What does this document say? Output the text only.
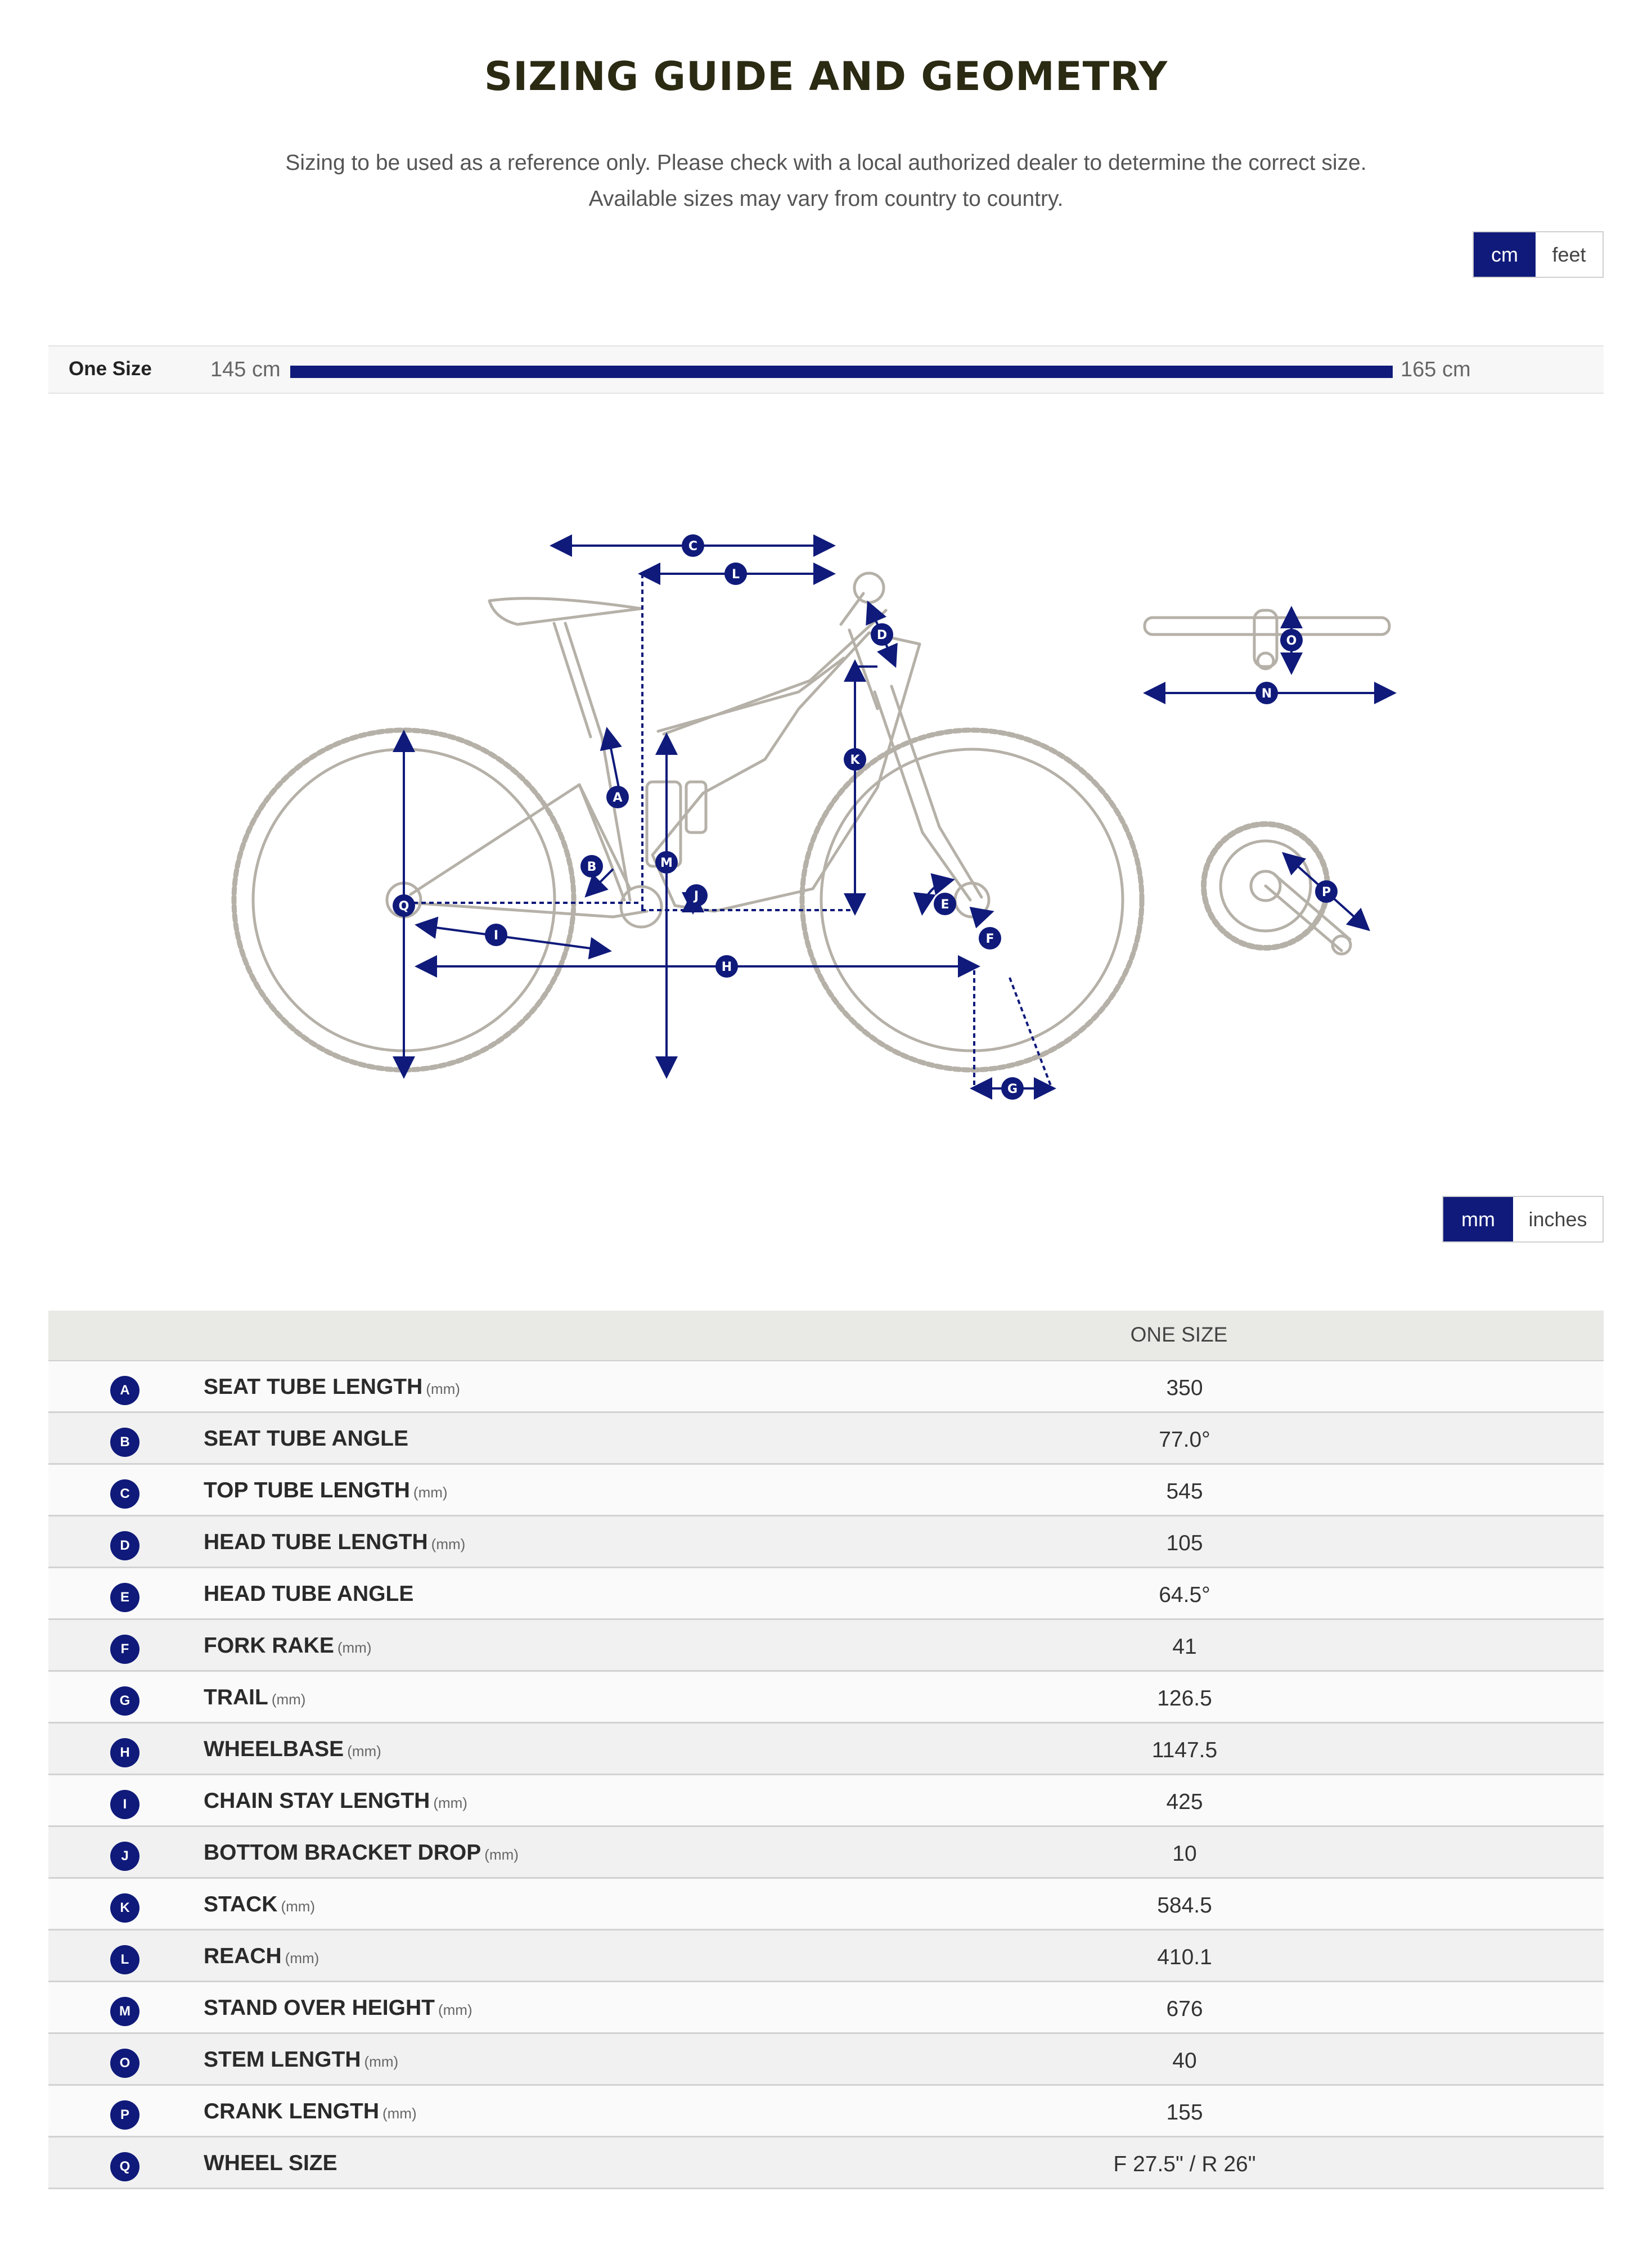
SIZING GUIDE AND GEOMETRY
Sizing to be used as a reference only. Please check with a local authorized dealer to determine the correct size.
Available sizes may vary from country to country.
cm	feet
One Size	145 cm	165 cm
C
L
D
K
A
M
B
J
Q
I
E
F
H
G
O
N
P
mm	inches
ONE SIZE
A	SEAT TUBE LENGTH (mm)	350
B	SEAT TUBE ANGLE	77.0°
C	TOP TUBE LENGTH (mm)	545
D	HEAD TUBE LENGTH (mm)	105
E	HEAD TUBE ANGLE	64.5°
F	FORK RAKE (mm)	41
G	TRAIL (mm)	126.5
H	WHEELBASE (mm)	1147.5
I	CHAIN STAY LENGTH (mm)	425
J	BOTTOM BRACKET DROP (mm)	10
K	STACK (mm)	584.5
L	REACH (mm)	410.1
M	STAND OVER HEIGHT (mm)	676
O	STEM LENGTH (mm)	40
P	CRANK LENGTH (mm)	155
Q	WHEEL SIZE	F 27.5" / R 26"
